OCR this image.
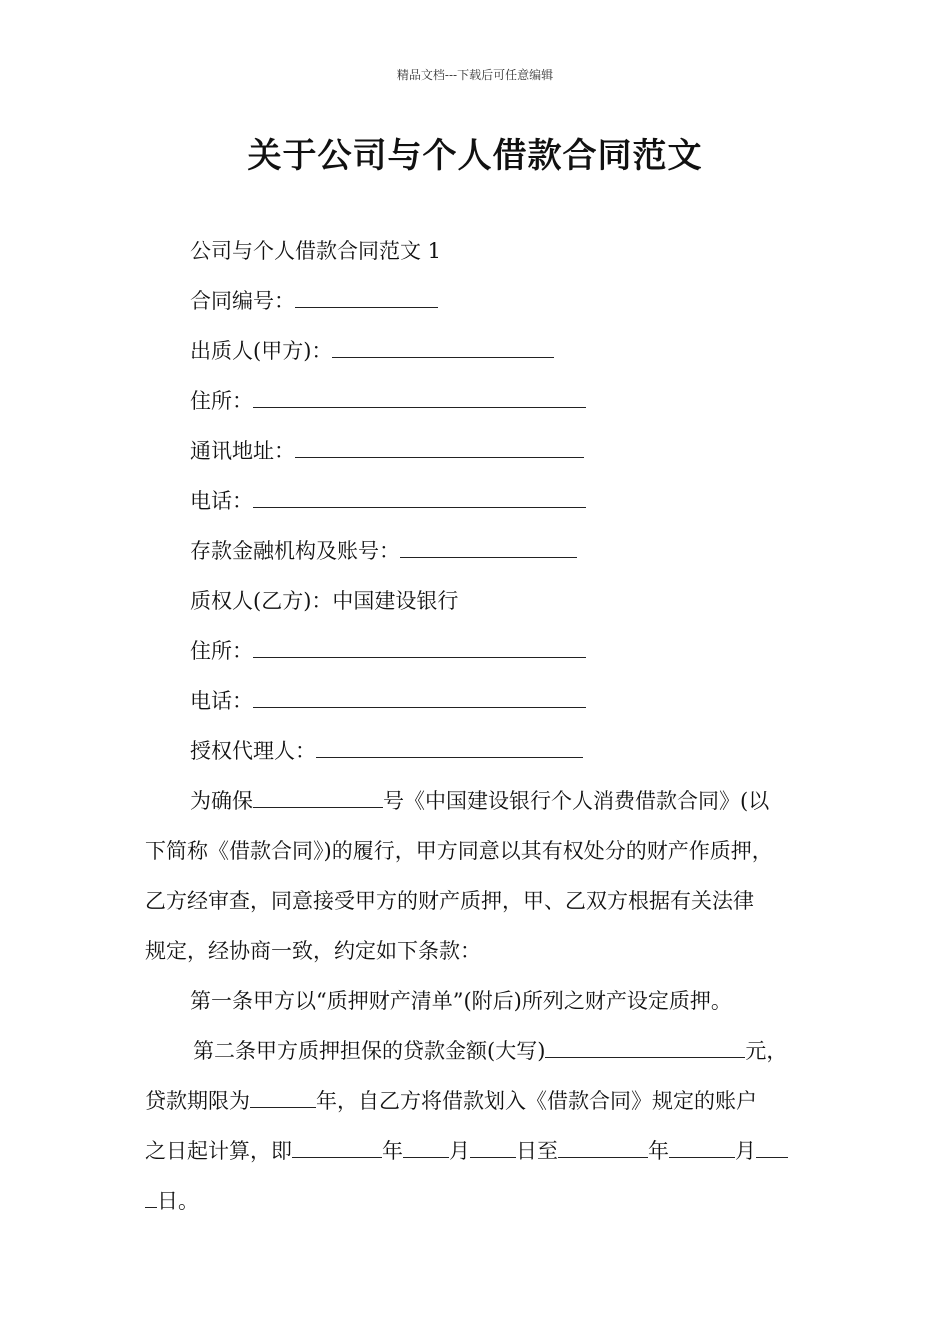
精品文档---下载后可任意编辑
关于公司与个人借款合同范文
公司与个人借款合同范文 1
合同编号：
出质人(甲方)：
住所：
通讯地址：
电话：
存款金融机构及账号：
质权人(乙方)：中国建设银行
住所：
电话：
授权代理人：
为确保	号《中国建设银行个人消费借款合同》(以
下简称《借款合同》)的履行，甲方同意以其有权处分的财产作质押，
乙方经审查，同意接受甲方的财产质押，甲、乙双方根据有关法律
规定，经协商一致，约定如下条款：
第一条甲方以“质押财产清单”(附后)所列之财产设定质押。
第二条甲方质押担保的贷款金额(大写)	元，
贷款期限为	年，自乙方将借款划入《借款合同》规定的账户
之日起计算，即	年 月 日至	年	月
日。
